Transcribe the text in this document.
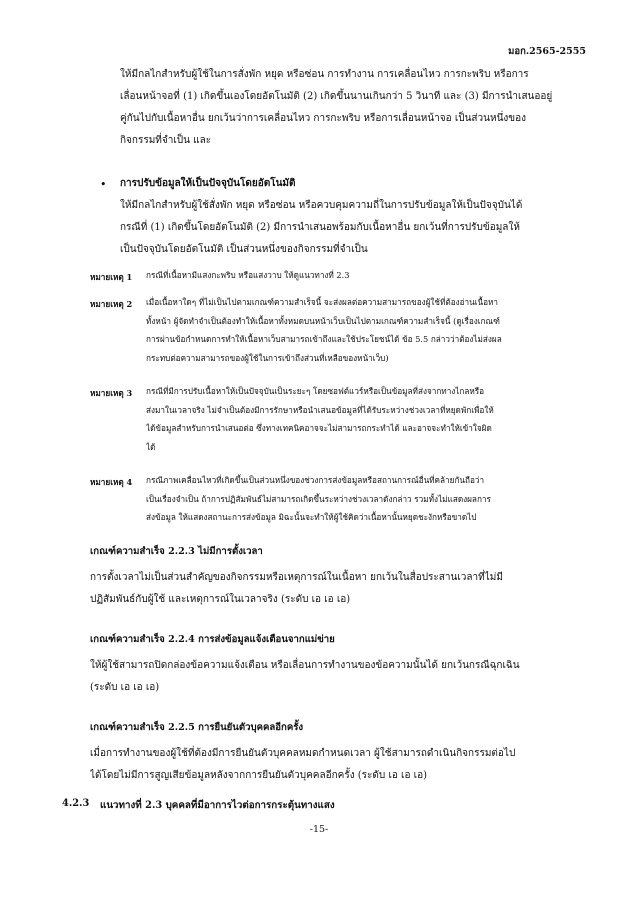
มอก.2565-2555
ให้มีกลไกสำหรับผู้ใช้ในการสั่งพัก หยุด หรือซ่อน การทำงาน การเคลื่อนไหว การกะพริบ หรือการ
เลื่อนหน้าจอที่ (1) เกิดขึ้นเองโดยอัตโนมัติ (2) เกิดขึ้นนานเกินกว่า 5 วินาที และ (3) มีการนำเสนออยู่
คู่กันไปกับเนื้อหาอื่น ยกเว้นว่าการเคลื่อนไหว การกะพริบ หรือการเลื่อนหน้าจอ เป็นส่วนหนึ่งของ
กิจกรรมที่จำเป็น และ
• การปรับข้อมูลให้เป็นปัจจุบันโดยอัตโนมัติ
ให้มีกลไกสำหรับผู้ใช้สั่งพัก หยุด หรือซ่อน หรือควบคุมความถี่ในการปรับข้อมูลให้เป็นปัจจุบันได้
กรณีที่ (1) เกิดขึ้นโดยอัตโนมัติ (2) มีการนำเสนอพร้อมกับเนื้อหาอื่น ยกเว้นที่การปรับข้อมูลให้
เป็นปัจจุบันโดยอัตโนมัติ เป็นส่วนหนึ่งของกิจกรรมที่จำเป็น
หมายเหตุ 1 กรณีที่เนื้อหามีแสงกะพริบ หรือแสงวาบ ให้ดูแนวทางที่ 2.3
หมายเหตุ 2 เมื่อเนื้อหาใดๆ ที่ไม่เป็นไปตามเกณฑ์ความสำเร็จนี้ จะส่งผลต่อความสามารถของผู้ใช้ที่ต้องอ่านเนื้อหา
ทั้งหน้า ผู้จัดทำจำเป็นต้องทำให้เนื้อหาทั้งหมดบนหน้าเว็บเป็นไปตามเกณฑ์ความสำเร็จนี้ (ดูเรื่องเกณฑ์
การผ่านข้อกำหนดการทำให้เนื้อหาเว็บสามารถเข้าถึงและใช้ประโยชน์ได้ ข้อ 5.5 กล่าวว่าต้องไม่ส่งผล
กระทบต่อความสามารถของผู้ใช้ในการเข้าถึงส่วนที่เหลือของหน้าเว็บ)
หมายเหตุ 3 กรณีที่มีการปรับเนื้อหาให้เป็นปัจจุบันเป็นระยะๆ โดยซอฟต์แวร์หรือเป็นข้อมูลที่ส่งจากทางไกลหรือ
ส่งมาในเวลาจริง ไม่จำเป็นต้องมีการรักษาหรือนำเสนอข้อมูลที่ได้รับระหว่างช่วงเวลาที่หยุดพักเพื่อให้
ได้ข้อมูลสำหรับการนำเสนอต่อ ซึ่งทางเทคนิคอาจจะไม่สามารถกระทำได้ และอาจจะทำให้เข้าใจผิด
ได้
หมายเหตุ 4 กรณีภาพเคลื่อนไหวที่เกิดขึ้นเป็นส่วนหนึ่งของช่วงการส่งข้อมูลหรือสถานการณ์อื่นที่คล้ายกันถือว่า
เป็นเรื่องจำเป็น ถ้าการปฏิสัมพันธ์ไม่สามารถเกิดขึ้นระหว่างช่วงเวลาดังกล่าว รวมทั้งไม่แสดงผลการ
ส่งข้อมูล ให้แสดงสถานะการส่งข้อมูล มิฉะนั้นจะทำให้ผู้ใช้คิดว่าเนื้อหานั้นหยุดชะงักหรือขาดไป
เกณฑ์ความสำเร็จ 2.2.3 ไม่มีการตั้งเวลา
การตั้งเวลาไม่เป็นส่วนสำคัญของกิจกรรมหรือเหตุการณ์ในเนื้อหา ยกเว้นในสื่อประสานเวลาที่ไม่มี
ปฏิสัมพันธ์กับผู้ใช้ และเหตุการณ์ในเวลาจริง (ระดับ เอ เอ เอ)
เกณฑ์ความสำเร็จ 2.2.4 การส่งข้อมูลแจ้งเตือนจากแม่ข่าย
ให้ผู้ใช้สามารถปิดกล่องข้อความแจ้งเตือน หรือเลื่อนการทำงานของข้อความนั้นได้ ยกเว้นกรณีฉุกเฉิน
(ระดับ เอ เอ เอ)
เกณฑ์ความสำเร็จ 2.2.5 การยืนยันตัวบุคคลอีกครั้ง
เมื่อการทำงานของผู้ใช้ที่ต้องมีการยืนยันตัวบุคคลหมดกำหนดเวลา ผู้ใช้สามารถดำเนินกิจกรรมต่อไป
ได้โดยไม่มีการสูญเสียข้อมูลหลังจากการยืนยันตัวบุคคลอีกครั้ง (ระดับ เอ เอ เอ)
4.2.3 แนวทางที่ 2.3 บุคคลที่มีอาการไวต่อการกระตุ้นทางแสง
-15-
